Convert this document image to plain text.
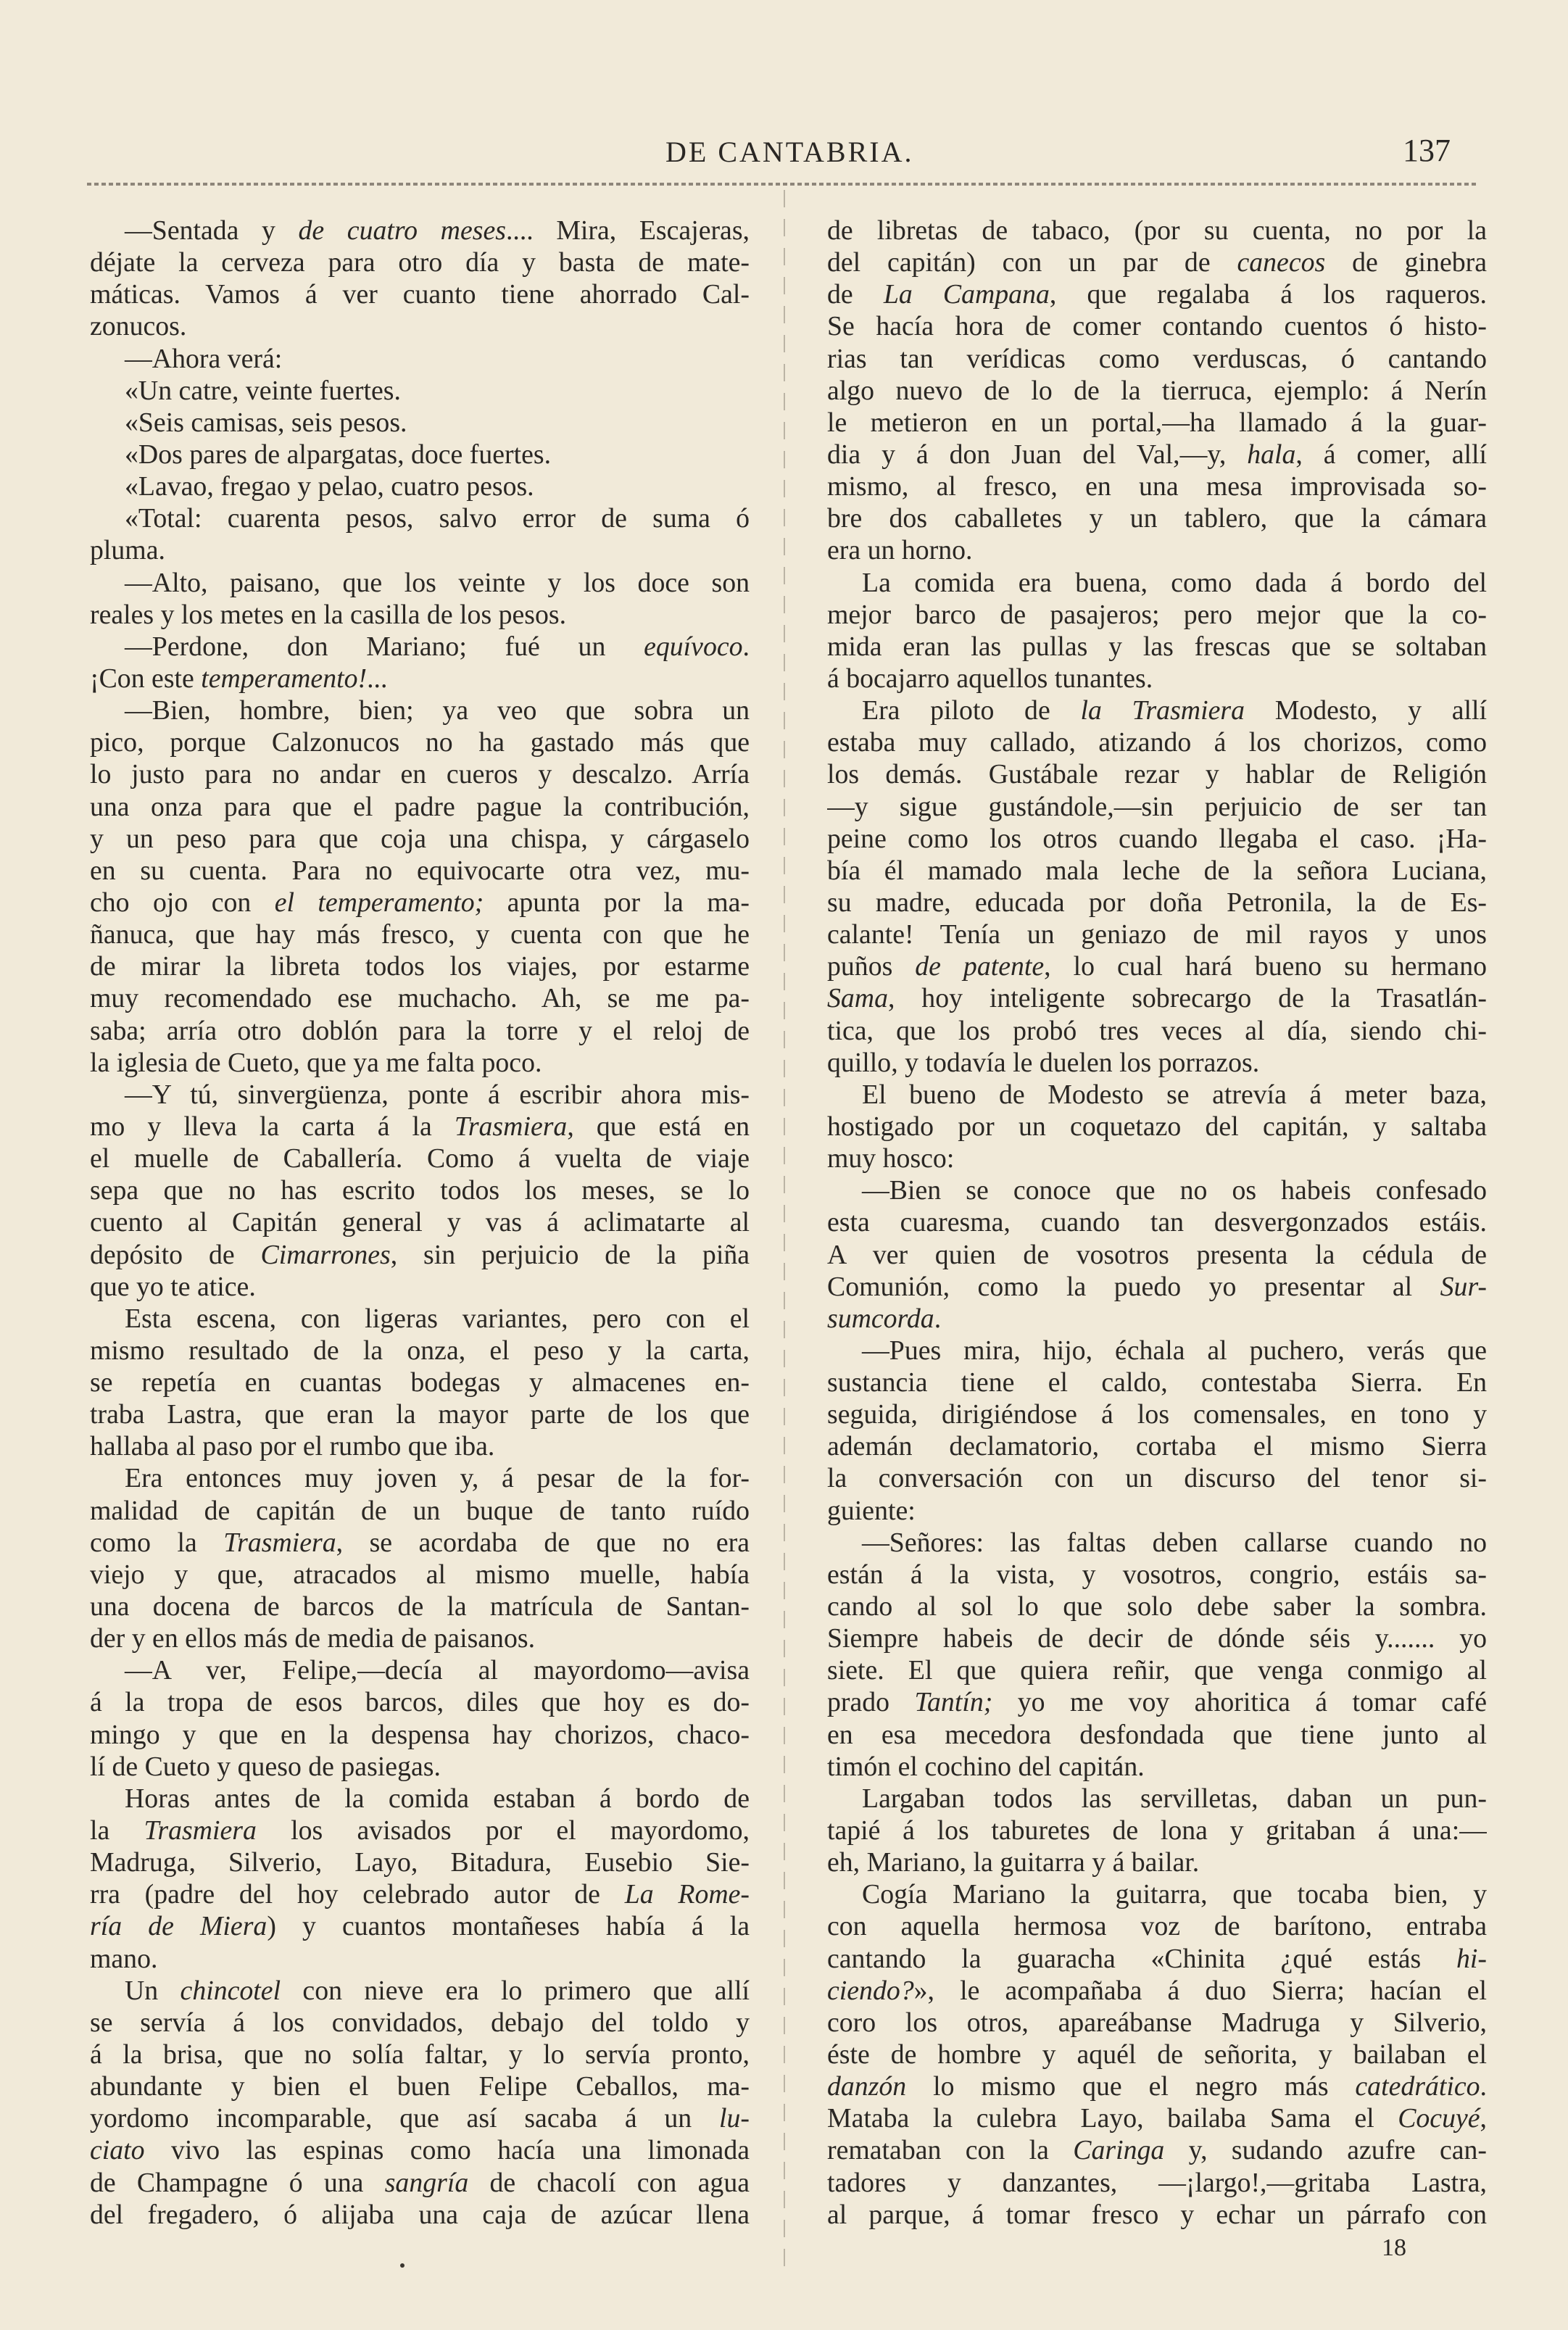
DE CANTABRIA.	137
—Sentada y de cuatro meses.... Mira, Escajeras,
déjate la cerveza para otro día y basta de mate-
máticas. Vamos á ver cuanto tiene ahorrado Cal-
zonucos.
—Ahora verá:
«Un catre, veinte fuertes.
«Seis camisas, seis pesos.
«Dos pares de alpargatas, doce fuertes.
«Lavao, fregao y pelao, cuatro pesos.
«Total: cuarenta pesos, salvo error de suma ó
pluma.
—Alto, paisano, que los veinte y los doce son
reales y los metes en la casilla de los pesos.
—Perdone, don Mariano; fué un equívoco.
¡Con este temperamento!...
—Bien, hombre, bien; ya veo que sobra un
pico, porque Calzonucos no ha gastado más que
lo justo para no andar en cueros y descalzo. Arría
una onza para que el padre pague la contribución,
y un peso para que coja una chispa, y cárgaselo
en su cuenta. Para no equivocarte otra vez, mu-
cho ojo con el temperamento; apunta por la ma-
ñanuca, que hay más fresco, y cuenta con que he
de mirar la libreta todos los viajes, por estarme
muy recomendado ese muchacho. Ah, se me pa-
saba; arría otro doblón para la torre y el reloj de
la iglesia de Cueto, que ya me falta poco.
—Y tú, sinvergüenza, ponte á escribir ahora mis-
mo y lleva la carta á la Trasmiera, que está en
el muelle de Caballería. Como á vuelta de viaje
sepa que no has escrito todos los meses, se lo
cuento al Capitán general y vas á aclimatarte al
depósito de Cimarrones, sin perjuicio de la piña
que yo te atice.
Esta escena, con ligeras variantes, pero con el
mismo resultado de la onza, el peso y la carta,
se repetía en cuantas bodegas y almacenes en-
traba Lastra, que eran la mayor parte de los que
hallaba al paso por el rumbo que iba.
Era entonces muy joven y, á pesar de la for-
malidad de capitán de un buque de tanto ruído
como la Trasmiera, se acordaba de que no era
viejo y que, atracados al mismo muelle, había
una docena de barcos de la matrícula de Santan-
der y en ellos más de media de paisanos.
—A ver, Felipe,—decía al mayordomo—avisa
á la tropa de esos barcos, diles que hoy es do-
mingo y que en la despensa hay chorizos, chaco-
lí de Cueto y queso de pasiegas.
Horas antes de la comida estaban á bordo de
la Trasmiera los avisados por el mayordomo,
Madruga, Silverio, Layo, Bitadura, Eusebio Sie-
rra (padre del hoy celebrado autor de La Rome-
ría de Miera) y cuantos montañeses había á la
mano.
Un chincotel con nieve era lo primero que allí
se servía á los convidados, debajo del toldo y
á la brisa, que no solía faltar, y lo servía pronto,
abundante y bien el buen Felipe Ceballos, ma-
yordomo incomparable, que así sacaba á un lu-
ciato vivo las espinas como hacía una limonada
de Champagne ó una sangría de chacolí con agua
del fregadero, ó alijaba una caja de azúcar llena
de libretas de tabaco, (por su cuenta, no por la
del capitán) con un par de canecos de ginebra
de La Campana, que regalaba á los raqueros.
Se hacía hora de comer contando cuentos ó histo-
rias tan verídicas como verduscas, ó cantando
algo nuevo de lo de la tierruca, ejemplo: á Nerín
le metieron en un portal,—ha llamado á la guar-
dia y á don Juan del Val,—y, hala, á comer, allí
mismo, al fresco, en una mesa improvisada so-
bre dos caballetes y un tablero, que la cámara
era un horno.
La comida era buena, como dada á bordo del
mejor barco de pasajeros; pero mejor que la co-
mida eran las pullas y las frescas que se soltaban
á bocajarro aquellos tunantes.
Era piloto de la Trasmiera Modesto, y allí
estaba muy callado, atizando á los chorizos, como
los demás. Gustábale rezar y hablar de Religión
—y sigue gustándole,—sin perjuicio de ser tan
peine como los otros cuando llegaba el caso. ¡Ha-
bía él mamado mala leche de la señora Luciana,
su madre, educada por doña Petronila, la de Es-
calante! Tenía un geniazo de mil rayos y unos
puños de patente, lo cual hará bueno su hermano
Sama, hoy inteligente sobrecargo de la Trasatlán-
tica, que los probó tres veces al día, siendo chi-
quillo, y todavía le duelen los porrazos.
El bueno de Modesto se atrevía á meter baza,
hostigado por un coquetazo del capitán, y saltaba
muy hosco:
—Bien se conoce que no os habeis confesado
esta cuaresma, cuando tan desvergonzados estáis.
A ver quien de vosotros presenta la cédula de
Comunión, como la puedo yo presentar al Sur-
sumcorda.
—Pues mira, hijo, échala al puchero, verás que
sustancia tiene el caldo, contestaba Sierra. En
seguida, dirigiéndose á los comensales, en tono y
ademán declamatorio, cortaba el mismo Sierra
la conversación con un discurso del tenor si-
guiente:
—Señores: las faltas deben callarse cuando no
están á la vista, y vosotros, congrio, estáis sa-
cando al sol lo que solo debe saber la sombra.
Siempre habeis de decir de dónde séis y....... yo
siete. El que quiera reñir, que venga conmigo al
prado Tantín; yo me voy ahoritica á tomar café
en esa mecedora desfondada que tiene junto al
timón el cochino del capitán.
Largaban todos las servilletas, daban un pun-
tapié á los taburetes de lona y gritaban á una:—
eh, Mariano, la guitarra y á bailar.
Cogía Mariano la guitarra, que tocaba bien, y
con aquella hermosa voz de barítono, entraba
cantando la guaracha «Chinita ¿qué estás hi-
ciendo?», le acompañaba á duo Sierra; hacían el
coro los otros, apareábanse Madruga y Silverio,
éste de hombre y aquél de señorita, y bailaban el
danzón lo mismo que el negro más catedrático.
Mataba la culebra Layo, bailaba Sama el Cocuyé,
remataban con la Caringa y, sudando azufre can-
tadores y danzantes, —¡largo!,—gritaba Lastra,
al parque, á tomar fresco y echar un párrafo con
18
